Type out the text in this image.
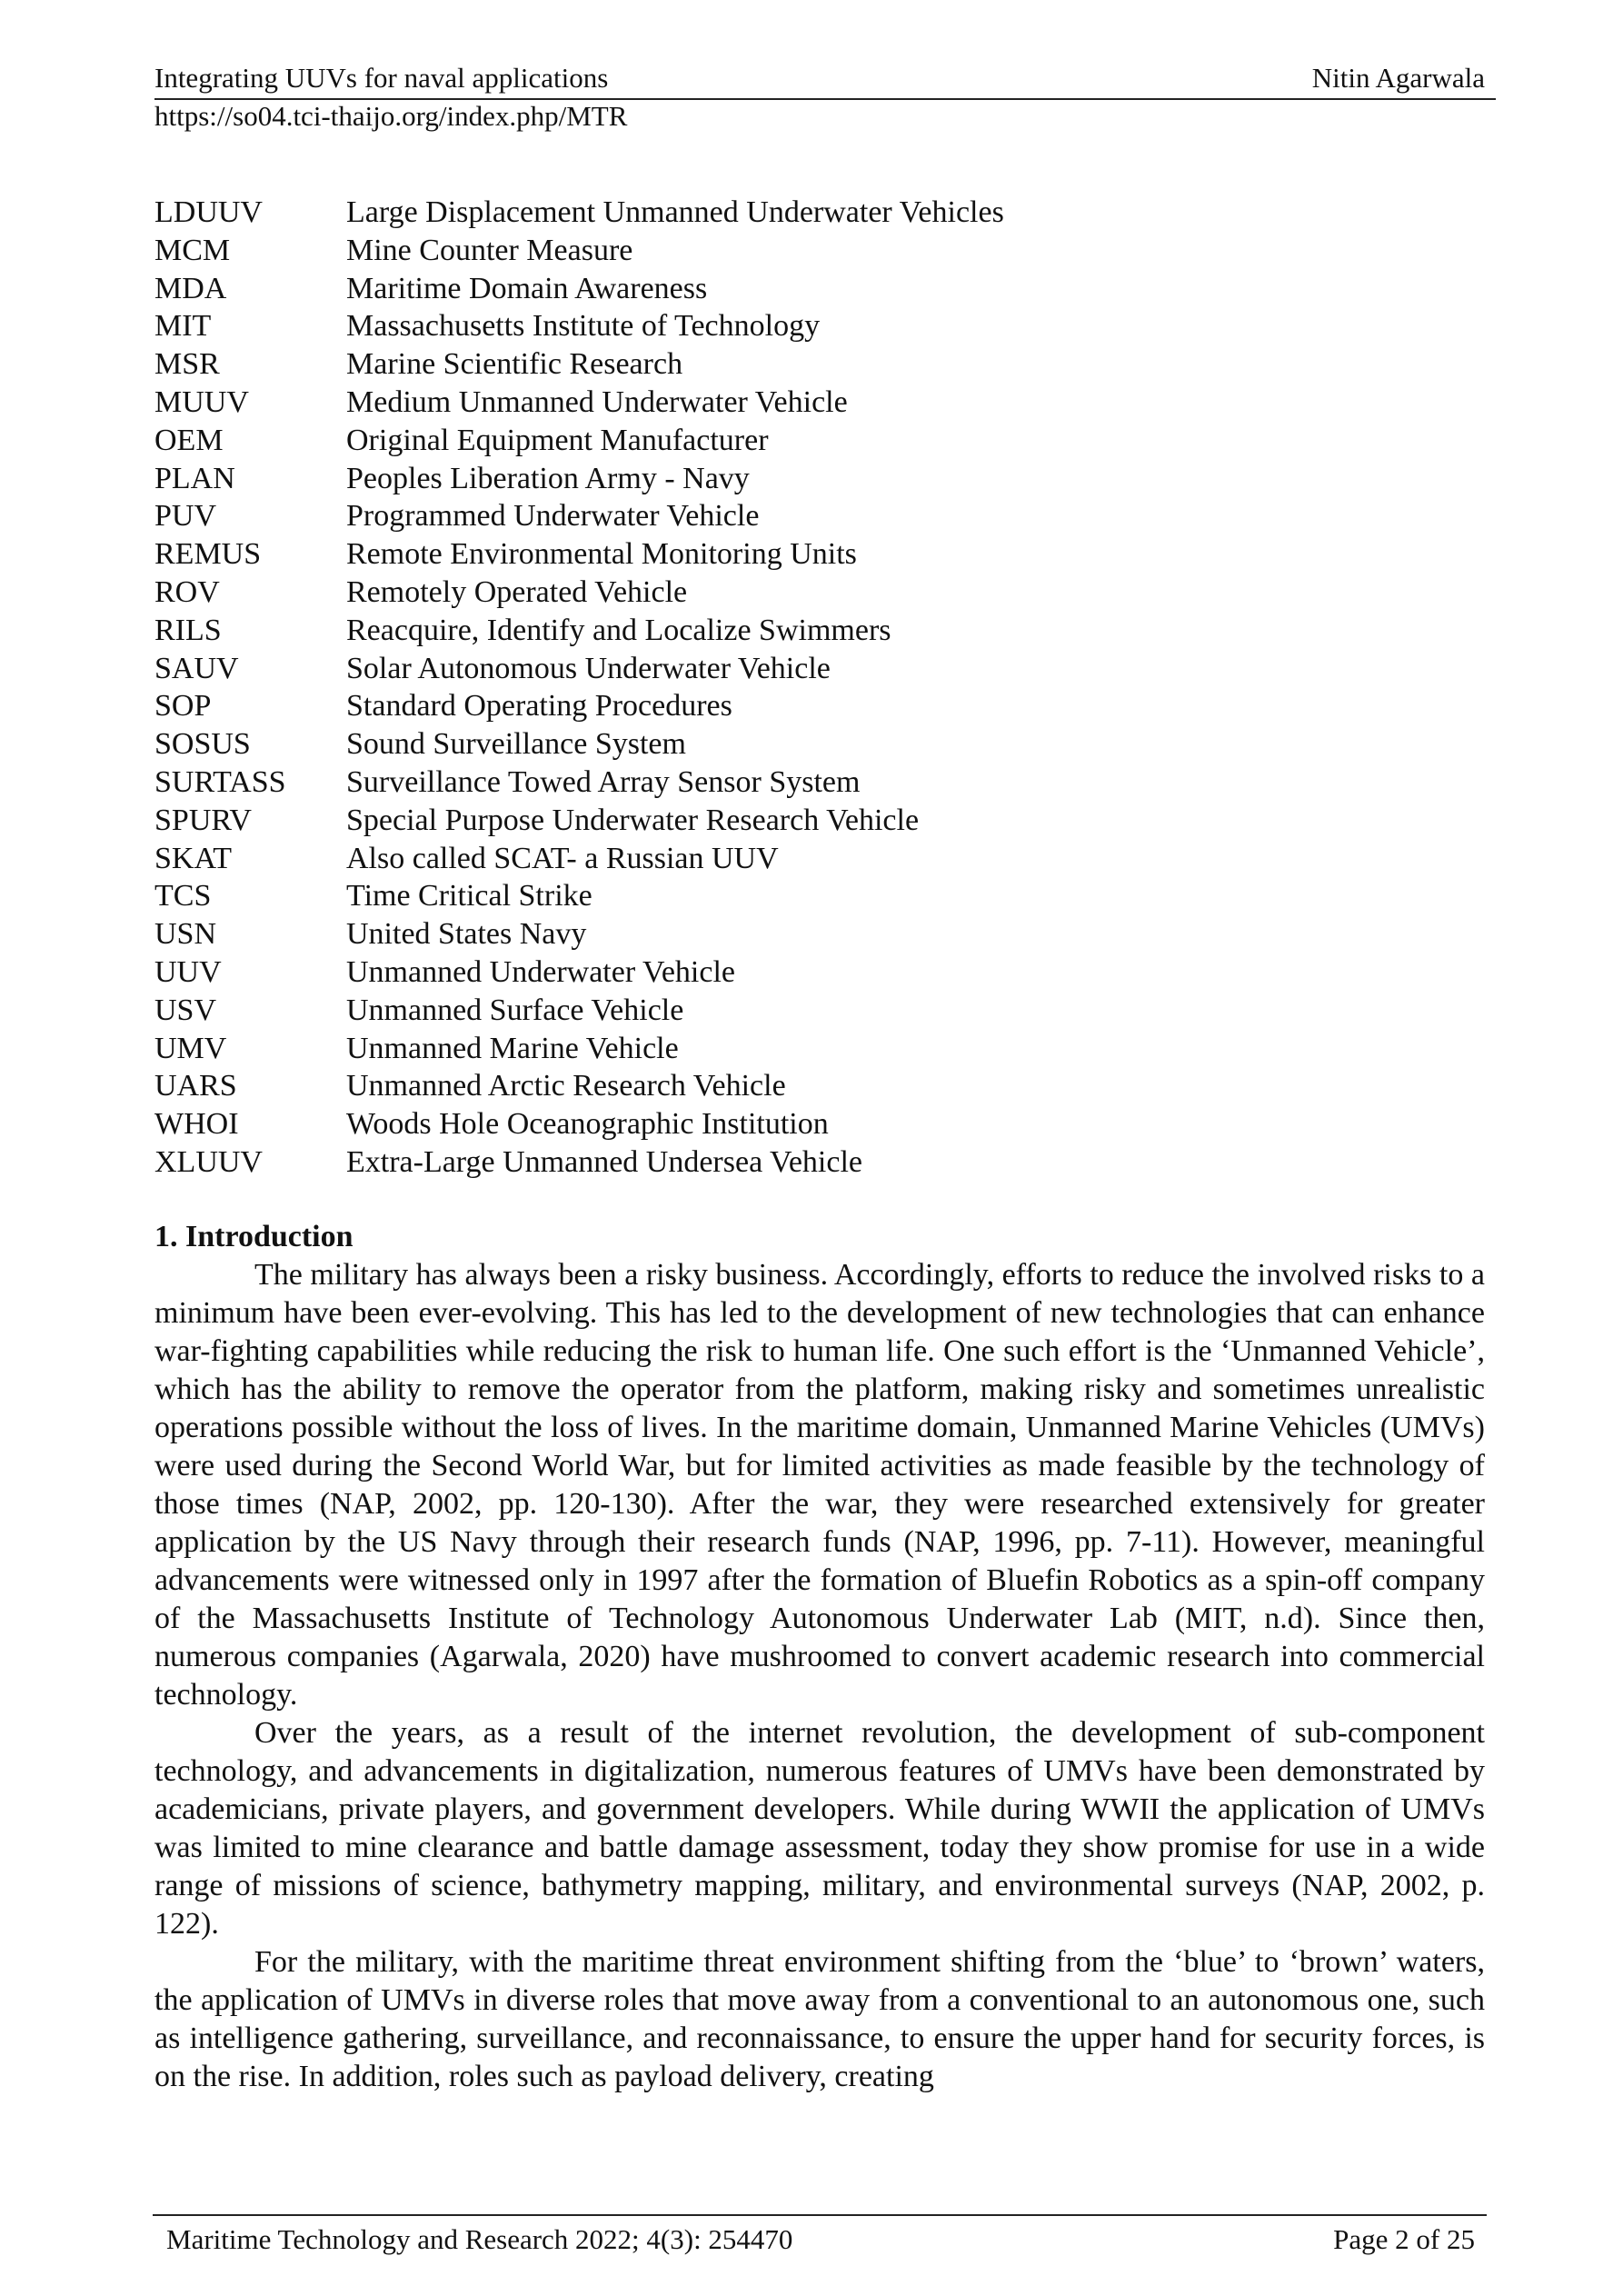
Integrating UUVs for naval applications	Nitin Agarwala
https://so04.tci-thaijo.org/index.php/MTR
LDUUV	Large Displacement Unmanned Underwater Vehicles
MCM	Mine Counter Measure
MDA	Maritime Domain Awareness
MIT	Massachusetts Institute of Technology
MSR	Marine Scientific Research
MUUV	Medium Unmanned Underwater Vehicle
OEM	Original Equipment Manufacturer
PLAN	Peoples Liberation Army - Navy
PUV	Programmed Underwater Vehicle
REMUS	Remote Environmental Monitoring Units
ROV	Remotely Operated Vehicle
RILS	Reacquire, Identify and Localize Swimmers
SAUV	Solar Autonomous Underwater Vehicle
SOP	Standard Operating Procedures
SOSUS	Sound Surveillance System
SURTASS Surveillance Towed Array Sensor System
SPURV	Special Purpose Underwater Research Vehicle
SKAT	Also called SCAT- a Russian UUV
TCS	Time Critical Strike
USN	United States Navy
UUV	Unmanned Underwater Vehicle
USV	Unmanned Surface Vehicle
UMV	Unmanned Marine Vehicle
UARS	Unmanned Arctic Research Vehicle
WHOI	Woods Hole Oceanographic Institution
XLUUV	Extra-Large Unmanned Undersea Vehicle
1. Introduction

The military has always been a risky business. Accordingly, efforts to reduce the involved risks to a minimum have been ever-evolving. This has led to the development of new technologies that can enhance war-fighting capabilities while reducing the risk to human life. One such effort is the ‘Unmanned Vehicle’, which has the ability to remove the operator from the platform, making risky and sometimes unrealistic operations possible without the loss of lives. In the maritime domain, Unmanned Marine Vehicles (UMVs) were used during the Second World War, but for limited activities as made feasible by the technology of those times (NAP, 2002, pp. 120-130). After the war, they were researched extensively for greater application by the US Navy through their research funds (NAP, 1996, pp. 7-11). However, meaningful advancements were witnessed only in 1997 after the formation of Bluefin Robotics as a spin-off company of the Massachusetts Institute of Technology Autonomous Underwater Lab (MIT, n.d). Since then, numerous companies (Agarwala, 2020) have mushroomed to convert academic research into commercial technology.

Over the years, as a result of the internet revolution, the development of sub-component technology, and advancements in digitalization, numerous features of UMVs have been demonstrated by academicians, private players, and government developers. While during WWII the application of UMVs was limited to mine clearance and battle damage assessment, today they show promise for use in a wide range of missions of science, bathymetry mapping, military, and environmental surveys (NAP, 2002, p. 122).

For the military, with the maritime threat environment shifting from the ‘blue’ to ‘brown’ waters, the application of UMVs in diverse roles that move away from a conventional to an autonomous one, such as intelligence gathering, surveillance, and reconnaissance, to ensure the upper hand for security forces, is on the rise. In addition, roles such as payload delivery, creating

Maritime Technology and Research 2022; 4(3): 254470	Page 2 of 25
